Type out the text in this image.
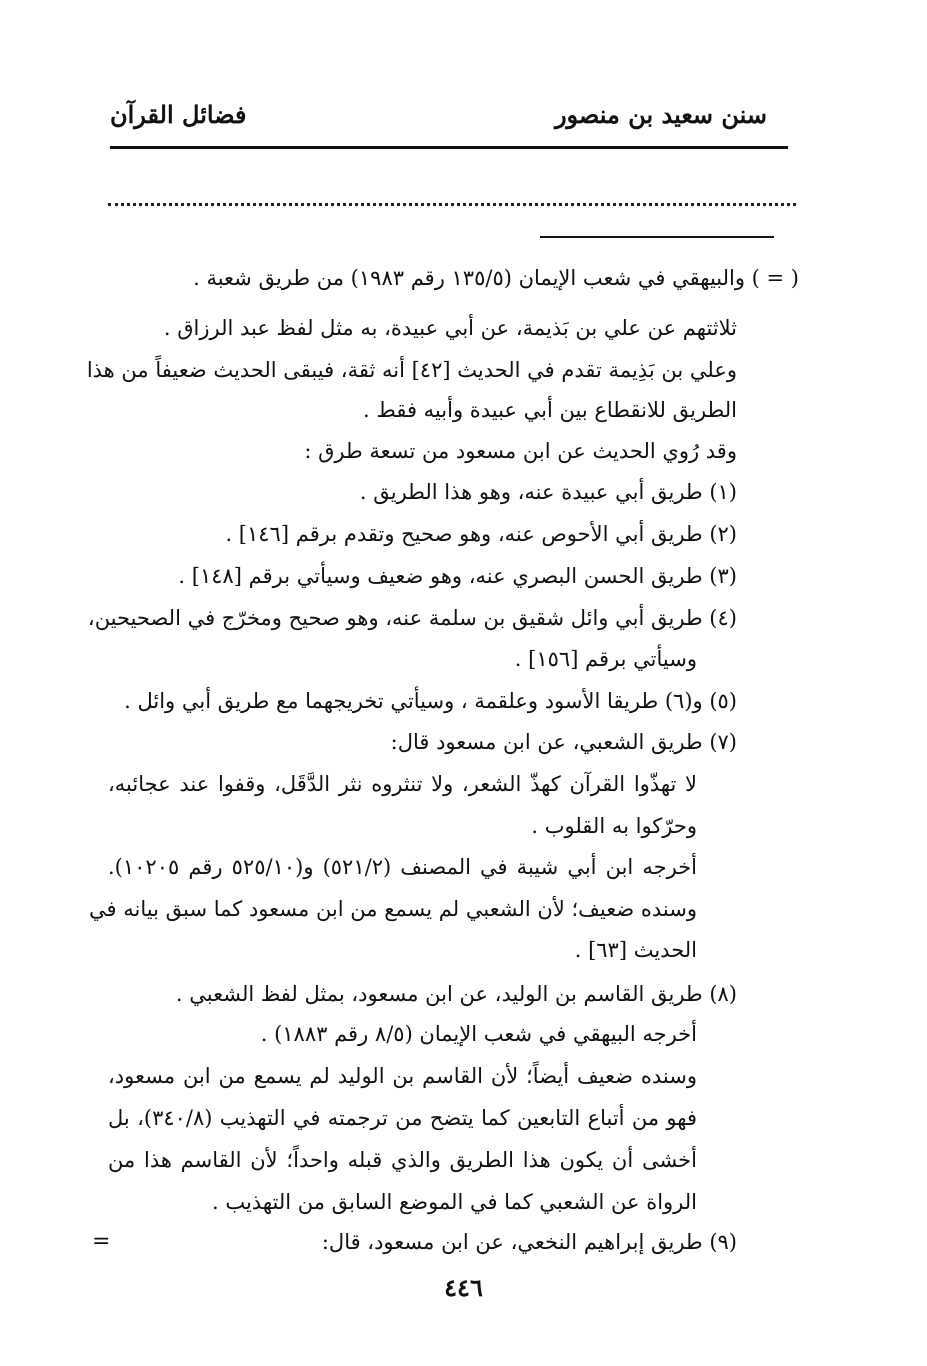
سنن سعيد بن منصور
فضائل القرآن
( = ) والبيهقي في شعب الإيمان (١٣٥/٥ رقم ١٩٨٣) من طريق شعبة .
ثلاثتهم عن علي بن بَذيمة، عن أبي عبيدة، به مثل لفظ عبد الرزاق .
وعلي بن بَذِيمة تقدم في الحديث [٤٢] أنه ثقة، فيبقى الحديث ضعيفاً من هذا
الطريق للانقطاع بين أبي عبيدة وأبيه فقط .
وقد رُوي الحديث عن ابن مسعود من تسعة طرق :
(١) طريق أبي عبيدة عنه، وهو هذا الطريق .
(٢) طريق أبي الأحوص عنه، وهو صحيح وتقدم برقم [١٤٦] .
(٣) طريق الحسن البصري عنه، وهو ضعيف وسيأتي برقم [١٤٨] .
(٤) طريق أبي وائل شقيق بن سلمة عنه، وهو صحيح ومخرّج في الصحيحين،
وسيأتي برقم [١٥٦] .
(٥) و(٦) طريقا الأسود وعلقمة ، وسيأتي تخريجهما مع طريق أبي وائل .
(٧) طريق الشعبي، عن ابن مسعود قال:
لا تهذّوا القرآن كهذّ الشعر، ولا تنثروه نثر الدَّقَل، وقفوا عند عجائبه،
وحرّكوا به القلوب .
أخرجه ابن أبي شيبة في المصنف (٥٢١/٢) و(٥٢٥/١٠ رقم ١٠٢٠٥).
وسنده ضعيف؛ لأن الشعبي لم يسمع من ابن مسعود كما سبق بيانه في
الحديث [٦٣] .
(٨) طريق القاسم بن الوليد، عن ابن مسعود، بمثل لفظ الشعبي .
أخرجه البيهقي في شعب الإيمان (٨/٥ رقم ١٨٨٣) .
وسنده ضعيف أيضاً؛ لأن القاسم بن الوليد لم يسمع من ابن مسعود،
فهو من أتباع التابعين كما يتضح من ترجمته في التهذيب (٣٤٠/٨)، بل
أخشى أن يكون هذا الطريق والذي قبله واحداً؛ لأن القاسم هذا من
الرواة عن الشعبي كما في الموضع السابق من التهذيب .
(٩) طريق إبراهيم النخعي، عن ابن مسعود، قال:
=
٤٤٦
